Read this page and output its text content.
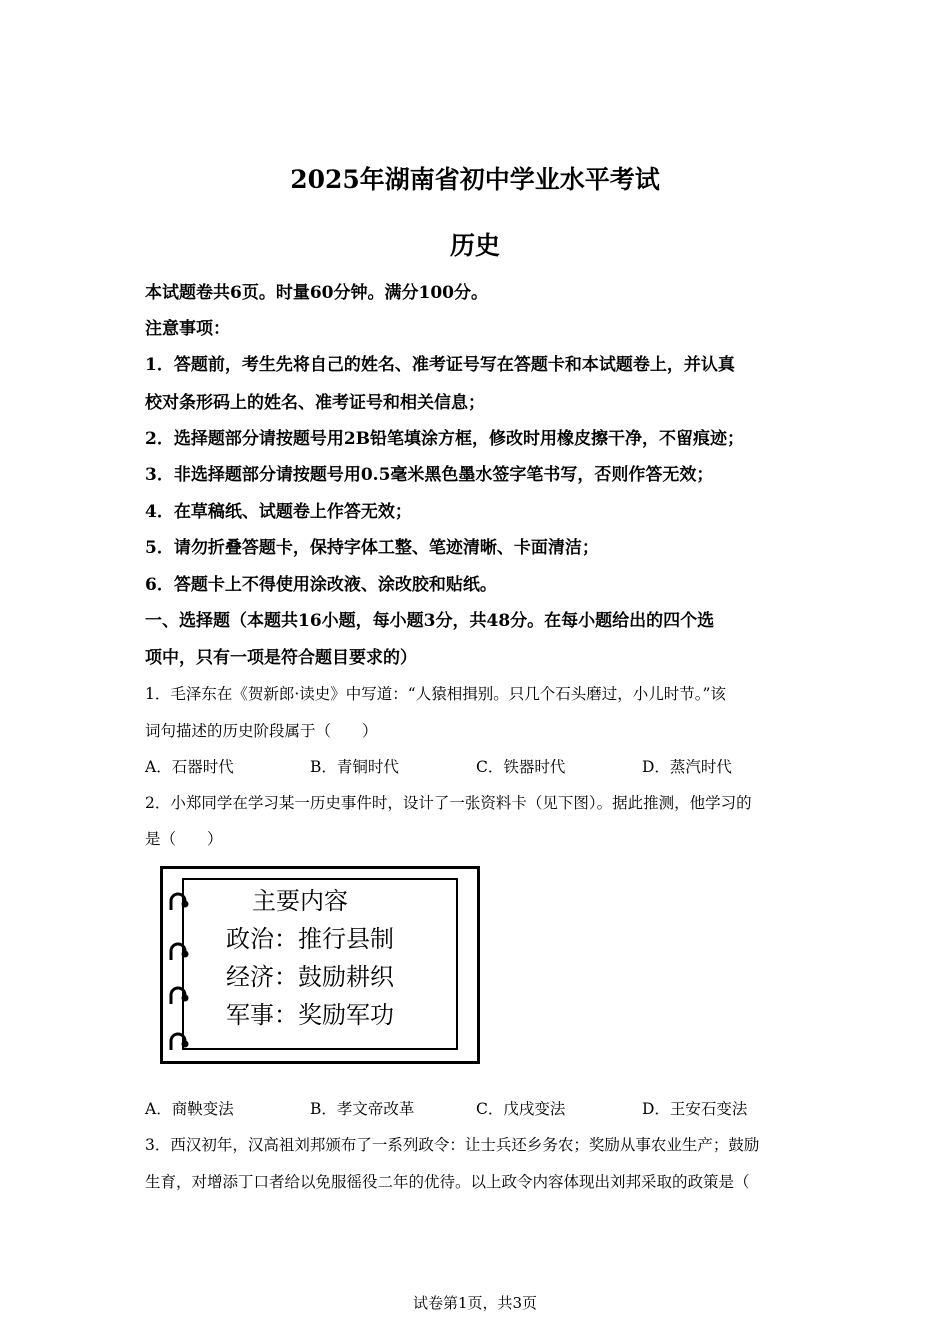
2025年湖南省初中学业水平考试
历史
本试题卷共6页。时量60分钟。满分100分。
注意事项：
1．答题前，考生先将自己的姓名、准考证号写在答题卡和本试题卷上，并认真
校对条形码上的姓名、准考证号和相关信息；
2．选择题部分请按题号用2B铅笔填涂方框，修改时用橡皮擦干净，不留痕迹；
3．非选择题部分请按题号用0.5毫米黑色墨水签字笔书写，否则作答无效；
4．在草稿纸、试题卷上作答无效；
5．请勿折叠答题卡，保持字体工整、笔迹清晰、卡面清洁；
6．答题卡上不得使用涂改液、涂改胶和贴纸。
一、选择题（本题共16小题，每小题3分，共48分。在每小题给出的四个选
项中，只有一项是符合题目要求的）
1．毛泽东在《贺新郎·读史》中写道：“人猿相揖别。只几个石头磨过，小儿时节。”该
词句描述的历史阶段属于（　　）
A．石器时代	B．青铜时代	C．铁器时代	D．蒸汽时代
2．小郑同学在学习某一历史事件时，设计了一张资料卡（见下图）。据此推测，他学习的
是（　　）
主要内容
政治：推行县制
经济：鼓励耕织
军事：奖励军功
A．商鞅变法	B．孝文帝改革	C．戊戌变法	D．王安石变法
3．西汉初年，汉高祖刘邦颁布了一系列政令：让士兵还乡务农；奖励从事农业生产；鼓励
生育，对增添丁口者给以免服徭役二年的优待。以上政令内容体现出刘邦采取的政策是（
试卷第1页，共3页
